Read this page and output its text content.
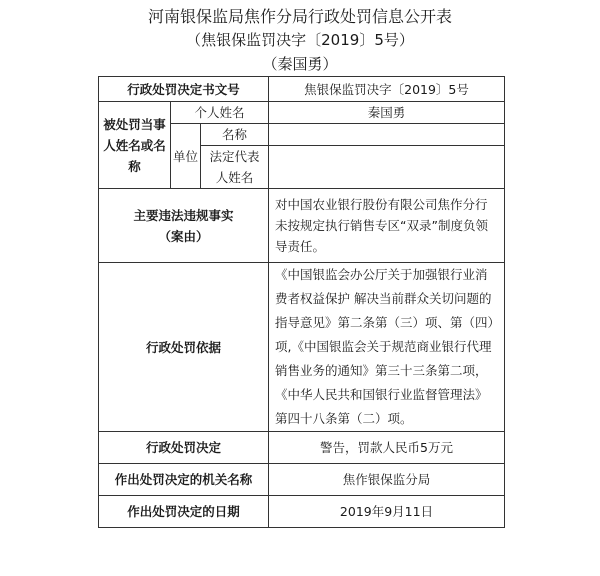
河南银保监局焦作分局行政处罚信息公开表
（焦银保监罚决字〔2019〕5号）
（秦国勇）
行政处罚决定书文号			焦银保监罚决字〔2019〕5号
被处罚当事人姓名或名称	个人姓名		秦国勇
	单位	名称	
		法定代表人姓名	

主要违法违规事实
（案由）			对中国农业银行股份有限公司焦作分行未按规定执行销售专区“双录”制度负领导责任。
行政处罚依据			《中国银监会办公厅关于加强银行业消费者权益保护 解决当前群众关切问题的指导意见》第二条第（三）项、第（四）项,《中国银监会关于规范商业银行代理销售业务的通知》第三十三条第二项，《中华人民共和国银行业监督管理法》第四十八条第（二）项。
行政处罚决定			警告，罚款人民币5万元
作出处罚决定的机关名称			焦作银保监分局
作出处罚决定的日期			2019年9月11日
